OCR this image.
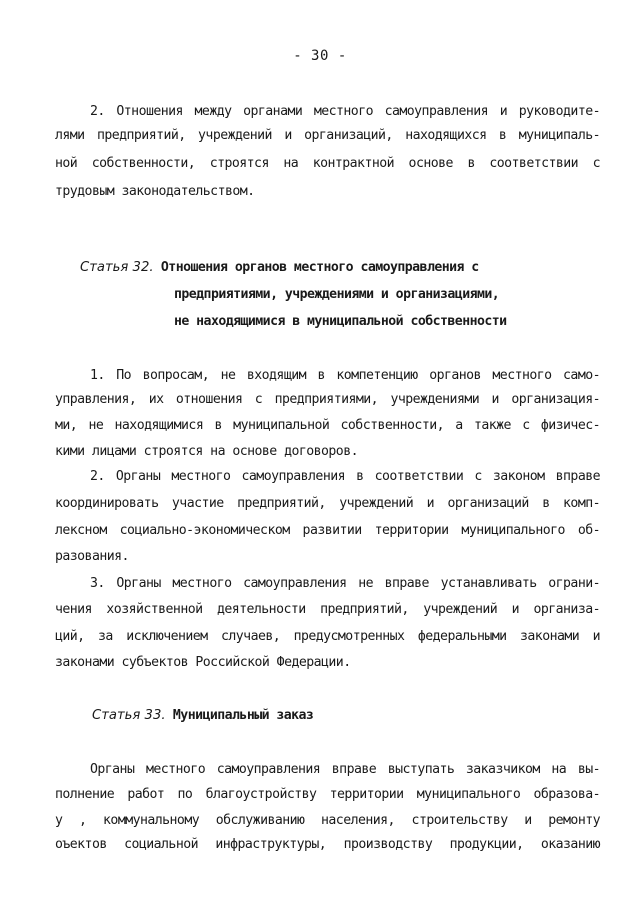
- 30 -
2. Отношения между органами местного самоуправления и руководите-
лями предприятий, учреждений и организаций, находящихся в муниципаль-
ной собственности, строятся на контрактной основе в соответствии с
трудовым законодательством.
Статья 32. Отношения органов местного самоуправления с
предприятиями, учреждениями и организациями,
не находящимися в муниципальной собственности
1. По вопросам, не входящим в компетенцию органов местного само-
управления, их отношения с предприятиями, учреждениями и организация-
ми, не находящимися в муниципальной собственности, а также с физичес-
кими лицами строятся на основе договоров.
2. Органы местного самоуправления в соответствии с законом вправе
координировать участие предприятий, учреждений и организаций в комп-
лексном социально-экономическом развитии территории муниципального об-
разования.
3. Органы местного самоуправления не вправе устанавливать ограни-
чения хозяйственной деятельности предприятий, учреждений и организа-
ций, за исключением случаев, предусмотренных федеральными законами и
законами субъектов Российской Федерации.
Статья 33. Муниципальный заказ
Органы местного самоуправления вправе выступать заказчиком на вы-
полнение работ по благоустройству территории муниципального образова-
у , коммунальному обслуживанию населения, строительству и ремонту
оъектов социальной инфраструктуры, производству продукции, оказанию
